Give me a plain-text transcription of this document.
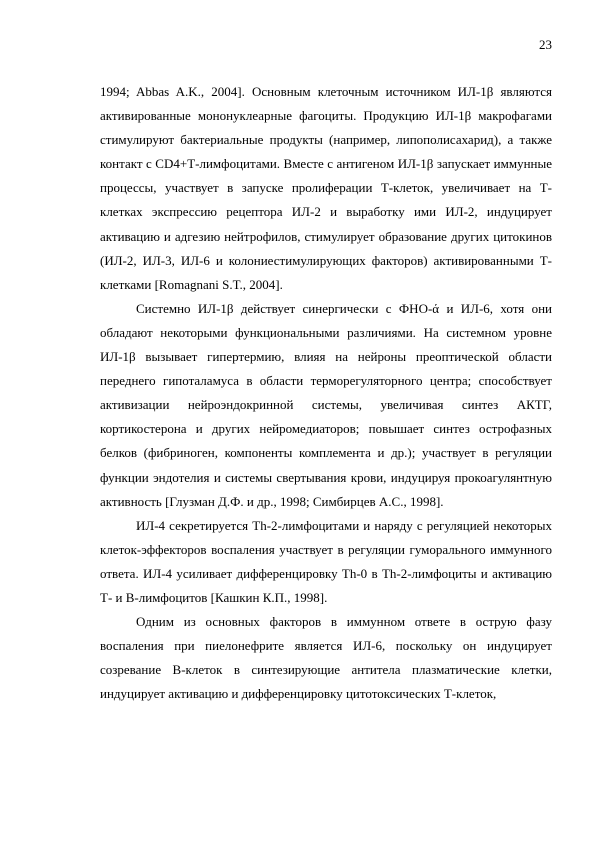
23

1994; Abbas A.K., 2004]. Основным клеточным источником ИЛ-1β являются активированные мононуклеарные фагоциты. Продукцию ИЛ-1β макрофагами стимулируют бактериальные продукты (например, липополисахарид), а также контакт с CD4+Т-лимфоцитами. Вместе с антигеном ИЛ-1β запускает иммунные процессы, участвует в запуске пролиферации Т-клеток, увеличивает на Т-клетках экспрессию рецептора ИЛ-2 и выработку ими ИЛ-2, индуцирует активацию и адгезию нейтрофилов, стимулирует образование других цитокинов (ИЛ-2, ИЛ-3, ИЛ-6 и колониестимулирующих факторов) активированными Т-клетками [Romagnani S.T., 2004].

Системно ИЛ-1β действует синергически с ФНО-ά и ИЛ-6, хотя они обладают некоторыми функциональными различиями. На системном уровне ИЛ-1β вызывает гипертермию, влияя на нейроны преоптической области переднего гипоталамуса в области терморегуляторного центра; способствует активизации нейроэндокринной системы, увеличивая синтез АКТГ, кортикостерона и других нейромедиаторов; повышает синтез острофазных белков (фибриноген, компоненты комплемента и др.); участвует в регуляции функции эндотелия и системы свертывания крови, индуцируя прокоагулянтную активность [Глузман Д.Ф. и др., 1998; Симбирцев А.С., 1998].

ИЛ-4 секретируется Th-2-лимфоцитами и наряду с регуляцией некоторых клеток-эффекторов воспаления участвует в регуляции гуморального иммунного ответа. ИЛ-4 усиливает дифференцировку Th-0 в Th-2-лимфоциты и активацию Т- и В-лимфоцитов [Кашкин К.П., 1998].

Одним из основных факторов в иммунном ответе в острую фазу воспаления при пиелонефрите является ИЛ-6, поскольку он индуцирует созревание В-клеток в синтезирующие антитела плазматические клетки, индуцирует активацию и дифференцировку цитотоксических Т-клеток,
